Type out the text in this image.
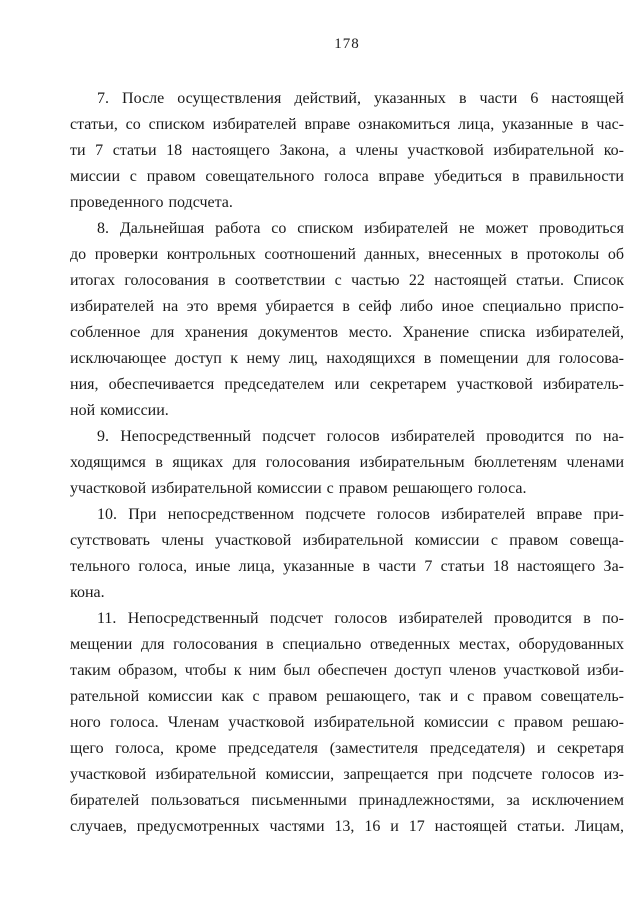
178
7. После осуществления действий, указанных в части 6 настоящей
статьи, со списком избирателей вправе ознакомиться лица, указанные в час-
ти 7 статьи 18 настоящего Закона, а члены участковой избирательной ко-
миссии с правом совещательного голоса вправе убедиться в правильности
проведенного подсчета.
8. Дальнейшая работа со списком избирателей не может проводиться
до проверки контрольных соотношений данных, внесенных в протоколы об
итогах голосования в соответствии с частью 22 настоящей статьи. Список
избирателей на это время убирается в сейф либо иное специально приспо-
собленное для хранения документов место. Хранение списка избирателей,
исключающее доступ к нему лиц, находящихся в помещении для голосова-
ния, обеспечивается председателем или секретарем участковой избиратель-
ной комиссии.
9. Непосредственный подсчет голосов избирателей проводится по на-
ходящимся в ящиках для голосования избирательным бюллетеням членами
участковой избирательной комиссии с правом решающего голоса.
10. При непосредственном подсчете голосов избирателей вправе при-
сутствовать члены участковой избирательной комиссии с правом совеща-
тельного голоса, иные лица, указанные в части 7 статьи 18 настоящего За-
кона.
11. Непосредственный подсчет голосов избирателей проводится в по-
мещении для голосования в специально отведенных местах, оборудованных
таким образом, чтобы к ним был обеспечен доступ членов участковой изби-
рательной комиссии как с правом решающего, так и с правом совещатель-
ного голоса. Членам участковой избирательной комиссии с правом решаю-
щего голоса, кроме председателя (заместителя председателя) и секретаря
участковой избирательной комиссии, запрещается при подсчете голосов из-
бирателей пользоваться письменными принадлежностями, за исключением
случаев, предусмотренных частями 13, 16 и 17 настоящей статьи. Лицам,
